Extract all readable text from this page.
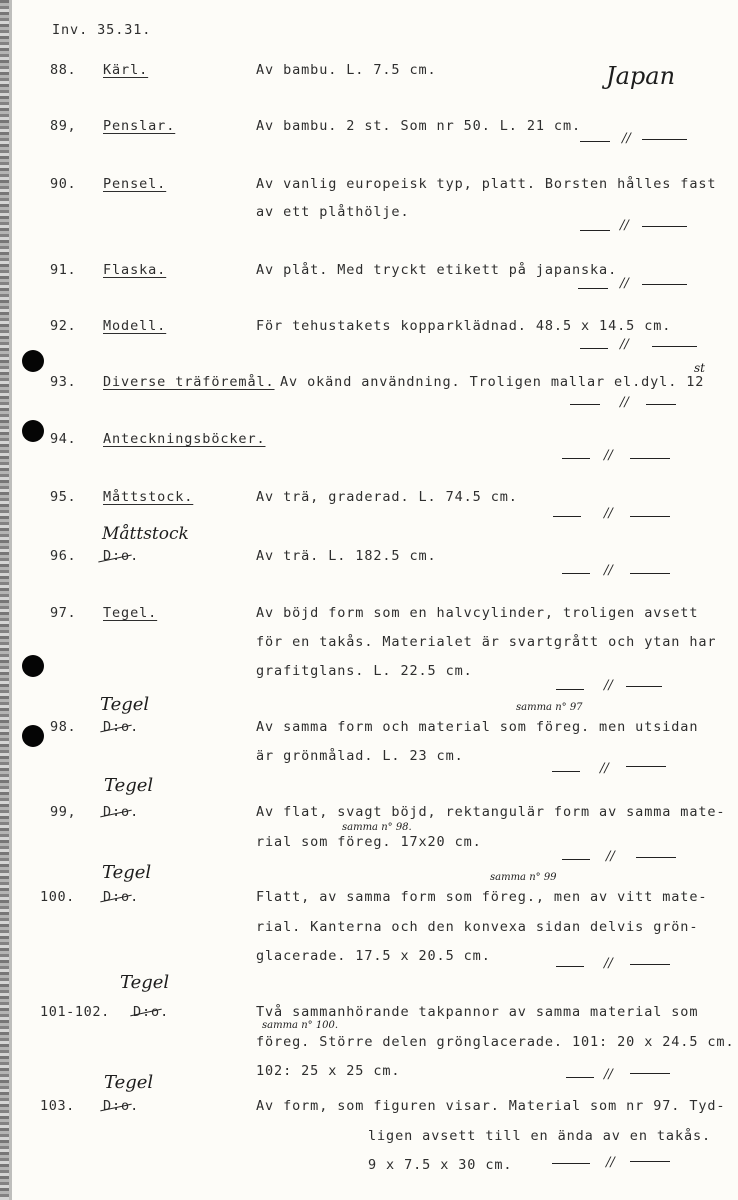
Inv. 35.31.
Japan
88. Kärl.	Av bambu. L. 7.5 cm.
89, Penslar.	Av bambu. 2 st. Som nr 50. L. 21 cm.
//
90. Pensel.	Av vanlig europeisk typ, platt. Borsten hålles fast
av ett plåthölje.
//
91. Flaska.	Av plåt. Med tryckt etikett på japanska.
//
92. Modell.	För tehustakets kopparklädnad. 48.5 x 14.5 cm.
//
93. Diverse träföremål. Av okänd användning. Troligen mallar el.dyl. 12
st
//
94. Anteckningsböcker.
//
95. Måttstock.	Av trä, graderad. L. 74.5 cm.
//
Måttstock
96. D:o.	Av trä. L. 182.5 cm.
//
97. Tegel.	Av böjd form som en halvcylinder, troligen avsett
för en takås. Materialet är svartgrått och ytan har
grafitglans. L. 22.5 cm.
//
Tegel	samma n° 97
98. D:o.	Av samma form och material som föreg. men utsidan
är grönmålad. L. 23 cm.
//
Tegel
99, D:o.	Av flat, svagt böjd, rektangulär form av samma mate-
samma n° 98.
rial som föreg. 17x20 cm.
//
Tegel	samma n° 99
100. D:o.	Flatt, av samma form som föreg., men av vitt mate-
rial. Kanterna och den konvexa sidan delvis grön-
glacerade. 17.5 x 20.5 cm.	//
Tegel
101-102. D:o.	Två sammanhörande takpannor av samma material som
samma n° 100.
föreg. Större delen grönglacerade. 101: 20 x 24.5 cm.
102: 25 x 25 cm.	//
Tegel
103. D:o.	Av form, som figuren visar. Material som nr 97. Tyd-
ligen avsett till en ända av en takås.
9 x 7.5 x 30 cm.	//
